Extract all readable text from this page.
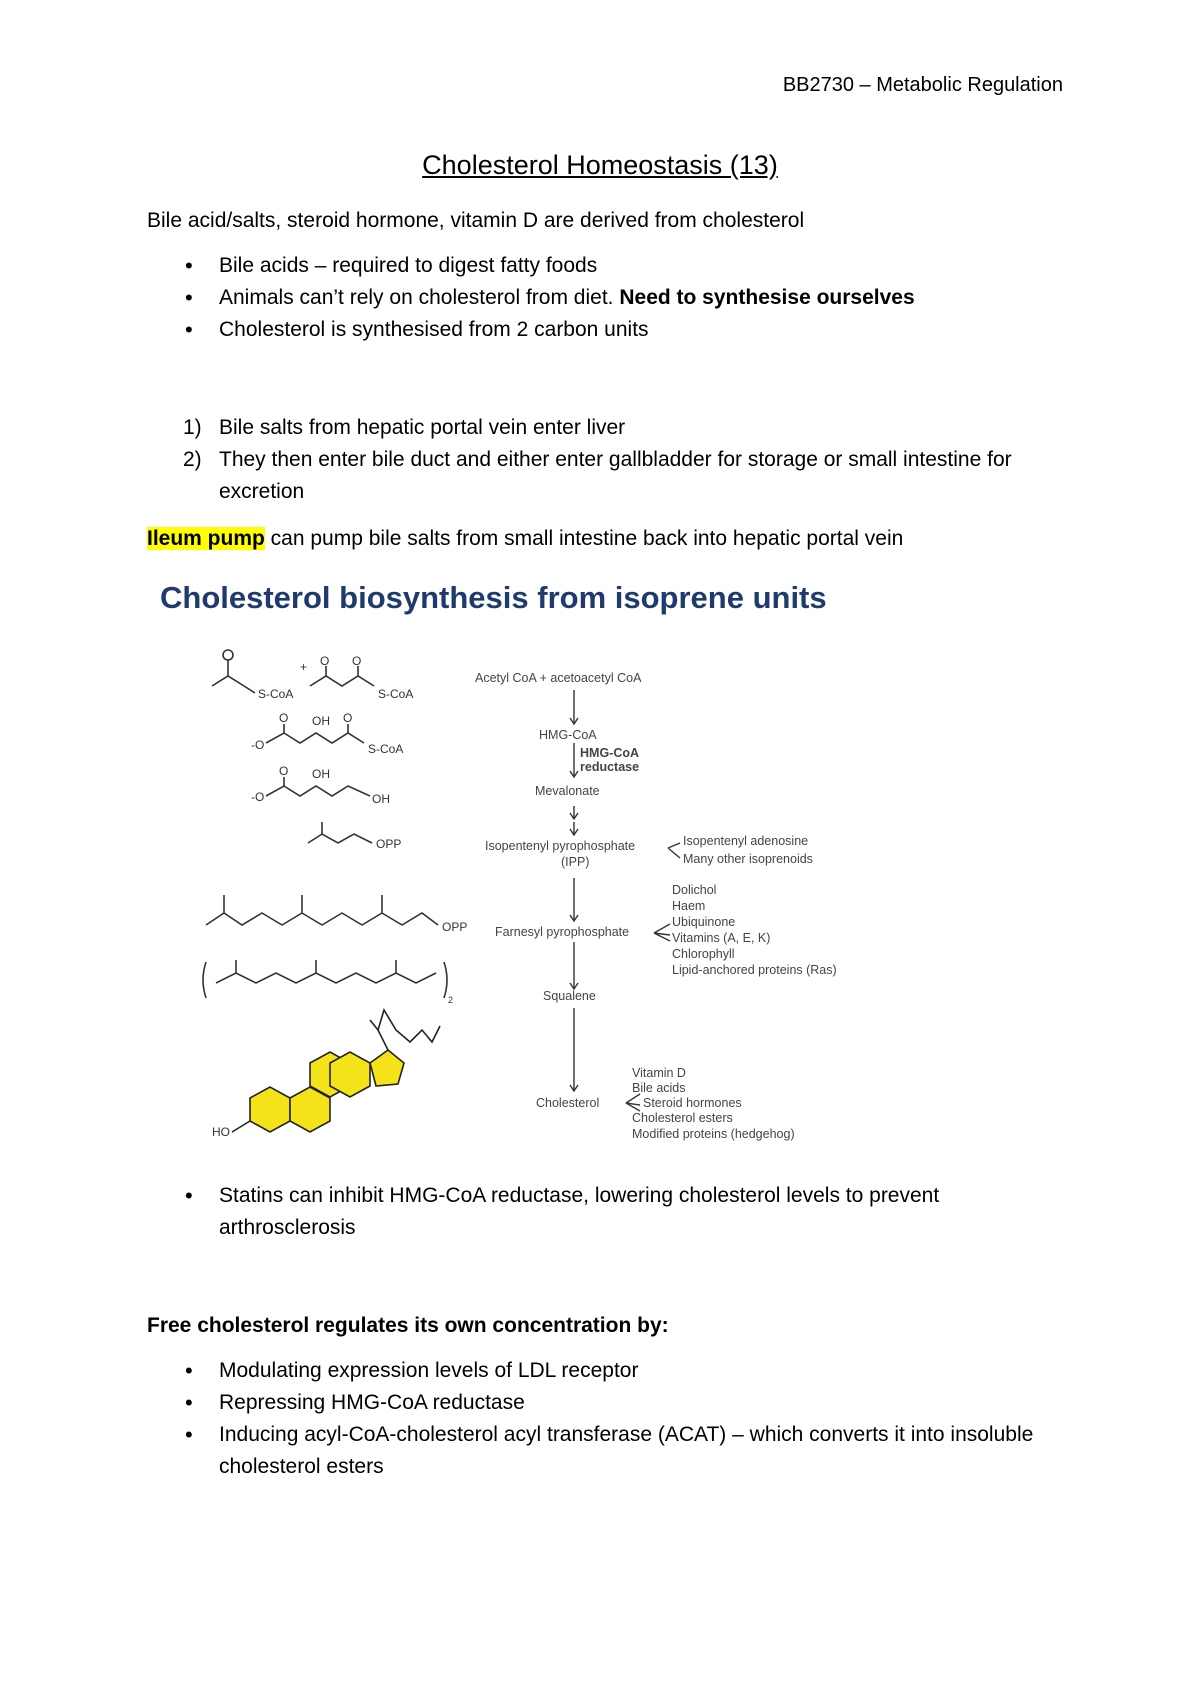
BB2730 – Metabolic Regulation
Cholesterol Homeostasis (13)
Bile acid/salts, steroid hormone, vitamin D are derived from cholesterol
• Bile acids – required to digest fatty foods
• Animals can’t rely on cholesterol from diet. Need to synthesise ourselves
• Cholesterol is synthesised from 2 carbon units
1) Bile salts from hepatic portal vein enter liver
2) They then enter bile duct and either enter gallbladder for storage or small intestine for excretion
Ileum pump can pump bile salts from small intestine back into hepatic portal vein
Cholesterol biosynthesis from isoprene units
S-CoA
+ O O
S-CoA
O OH O
-O	S-CoA
O OH
-O	OH
OPP
OPP
2
HO
Acetyl CoA + acetoacetyl CoA
HMG-CoA
HMG-CoA
reductase
Mevalonate
Isopentenyl pyrophosphate
(IPP)
Isopentenyl adenosine
Many other isoprenoids
Farnesyl pyrophosphate
Dolichol
Haem
Ubiquinone
Vitamins (A, E, K)
Chlorophyll
Lipid-anchored proteins (Ras)
Squalene
Cholesterol
Vitamin D
Bile acids
Steroid hormones
Cholesterol esters
Modified proteins (hedgehog)
• Statins can inhibit HMG-CoA reductase, lowering cholesterol levels to prevent arthrosclerosis
Free cholesterol regulates its own concentration by:
• Modulating expression levels of LDL receptor
• Repressing HMG-CoA reductase
• Inducing acyl-CoA-cholesterol acyl transferase (ACAT) – which converts it into insoluble cholesterol esters
